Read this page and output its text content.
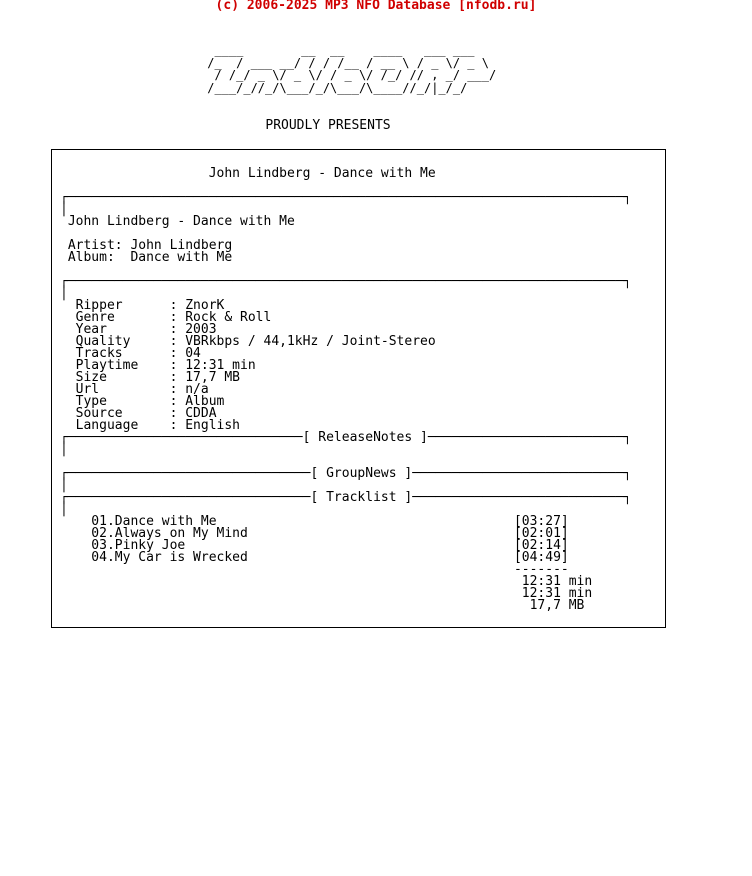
(c) 2006-2025 MP3 NFO Database [nfodb.ru]
____        __  __    ____   ___ ___
/_  / ___ __/ / / /__ / __ \ / _ \/ _ \
/ /_/ _ \/ _ \/ / _ \/ /_/ // , _/ ___/
/___/_//_/\___/_/\___/\____//_/|_/_/
PROUDLY PRESENTS
John Lindberg - Dance with Me

┌───────────────────────────────────────────────────────────────────────┐
│
John Lindberg - Dance with Me

Artist: John Lindberg
Album:  Dance with Me

┌───────────────────────────────────────────────────────────────────────┐
│
Ripper      : ZnorK
Genre       : Rock & Roll
Year        : 2003
Quality     : VBRkbps / 44,1kHz / Joint-Stereo
Tracks      : 04
Playtime    : 12:31 min
Size        : 17,7 MB
Url         : n/a
Type        : Album
Source      : CDDA
Language    : English
┌──────────────────────────────[ ReleaseNotes ]─────────────────────────┐
│

┌───────────────────────────────[ GroupNews ]───────────────────────────┐
│
┌───────────────────────────────[ Tracklist ]───────────────────────────┐
│
01.Dance with Me                                      [03:27]
02.Always on My Mind                                  [02:01]
03.Pinky Joe                                          [02:14]
04.My Car is Wrecked                                  [04:49]
-------
12:31 min
12:31 min
17,7 MB
